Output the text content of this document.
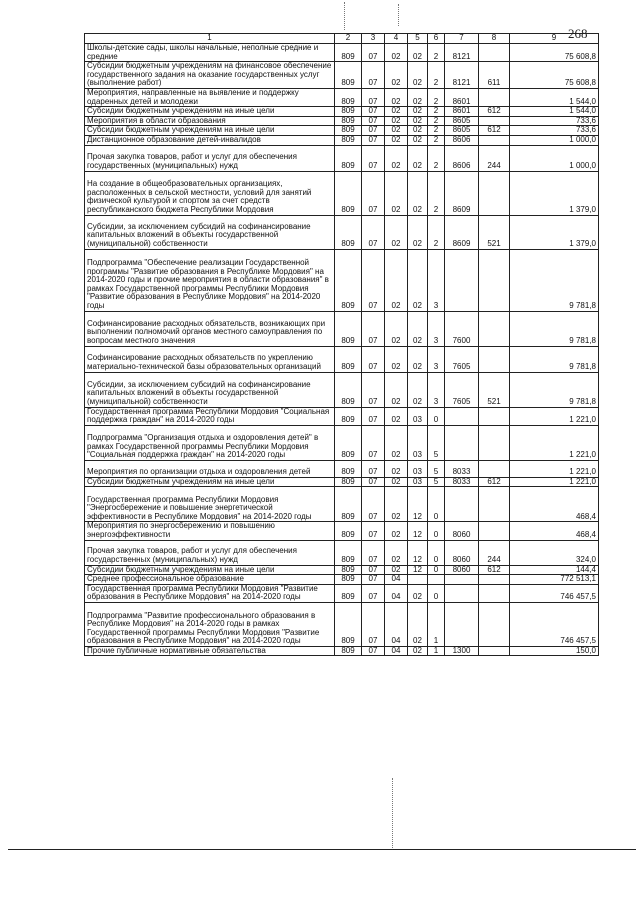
268
1	2	3	4	5	6	7	8	9
Школы-детские сады, школы начальные, неполные средние и средние	809	07	02	02	2	8121		75 608,8
Субсидии бюджетным учреждениям на финансовое обеспечение государственного задания на оказание государственных услуг (выполнение работ)	809	07	02	02	2	8121	611	75 608,8
Мероприятия, направленные на выявление и поддержку одаренных детей и молодежи	809	07	02	02	2	8601		1 544,0
Субсидии бюджетным учреждениям на иные цели	809	07	02	02	2	8601	612	1 544,0
Мероприятия в области образования	809	07	02	02	2	8605		733,6
Субсидии бюджетным учреждениям на иные цели	809	07	02	02	2	8605	612	733,6
Дистанционное образование детей-инвалидов	809	07	02	02	2	8606		1 000,0
Прочая закупка товаров, работ и услуг для обеспечения государственных (муниципальных) нужд	809	07	02	02	2	8606	244	1 000,0
На создание в общеобразовательных организациях, расположенных в сельской местности, условий для занятий физической культурой и спортом за счет средств республиканского бюджета Республики Мордовия	809	07	02	02	2	8609		1 379,0
Субсидии, за исключением субсидий на софинансирование капитальных вложений в объекты государственной (муниципальной) собственности	809	07	02	02	2	8609	521	1 379,0
Подпрограмма "Обеспечение реализации Государственной программы "Развитие образования в Республике Мордовия" на 2014-2020 годы и прочие мероприятия в области образования" в рамках Государственной программы Республики Мордовия "Развитие образования в Республике Мордовия" на 2014-2020 годы	809	07	02	02	3			9 781,8
Софинансирование расходных обязательств, возникающих при выполнении полномочий органов местного самоуправления по вопросам местного значения	809	07	02	02	3	7600		9 781,8
Софинансирование расходных обязательств по укреплению материально-технической базы образовательных организаций	809	07	02	02	3	7605		9 781,8
Субсидии, за исключением субсидий на софинансирование капитальных вложений в объекты государственной (муниципальной) собственности	809	07	02	02	3	7605	521	9 781,8
Государственная программа Республики Мордовия "Социальная поддержка граждан" на 2014-2020 годы	809	07	02	03	0			1 221,0
Подпрограмма "Организация отдыха и оздоровления детей" в рамках Государственной программы Республики Мордовия "Социальная поддержка граждан" на 2014-2020 годы	809	07	02	03	5			1 221,0
Мероприятия по организации отдыха и оздоровления детей	809	07	02	03	5	8033		1 221,0
Субсидии бюджетным учреждениям на иные цели	809	07	02	03	5	8033	612	1 221,0
Государственная программа Республики Мордовия "Энергосбережение и повышение энергетической эффективности в Республике Мордовия" на 2014-2020 годы	809	07	02	12	0			468,4
Мероприятия по энергосбережению и повышению энергоэффективности	809	07	02	12	0	8060		468,4
Прочая закупка товаров, работ и услуг для обеспечения государственных (муниципальных) нужд	809	07	02	12	0	8060	244	324,0
Субсидии бюджетным учреждениям на иные цели	809	07	02	12	0	8060	612	144,4
Среднее профессиональное образование	809	07	04					772 513,1
Государственная программа Республики Мордовия "Развитие образования в Республике Мордовия" на 2014-2020 годы	809	07	04	02	0			746 457,5
Подпрограмма "Развитие профессионального образования в Республике Мордовия" на 2014-2020 годы в рамках Государственной программы Республики Мордовия "Развитие образования в Республике Мордовия" на 2014-2020 годы	809	07	04	02	1			746 457,5
Прочие публичные нормативные обязательства	809	07	04	02	1	1300		150,0
